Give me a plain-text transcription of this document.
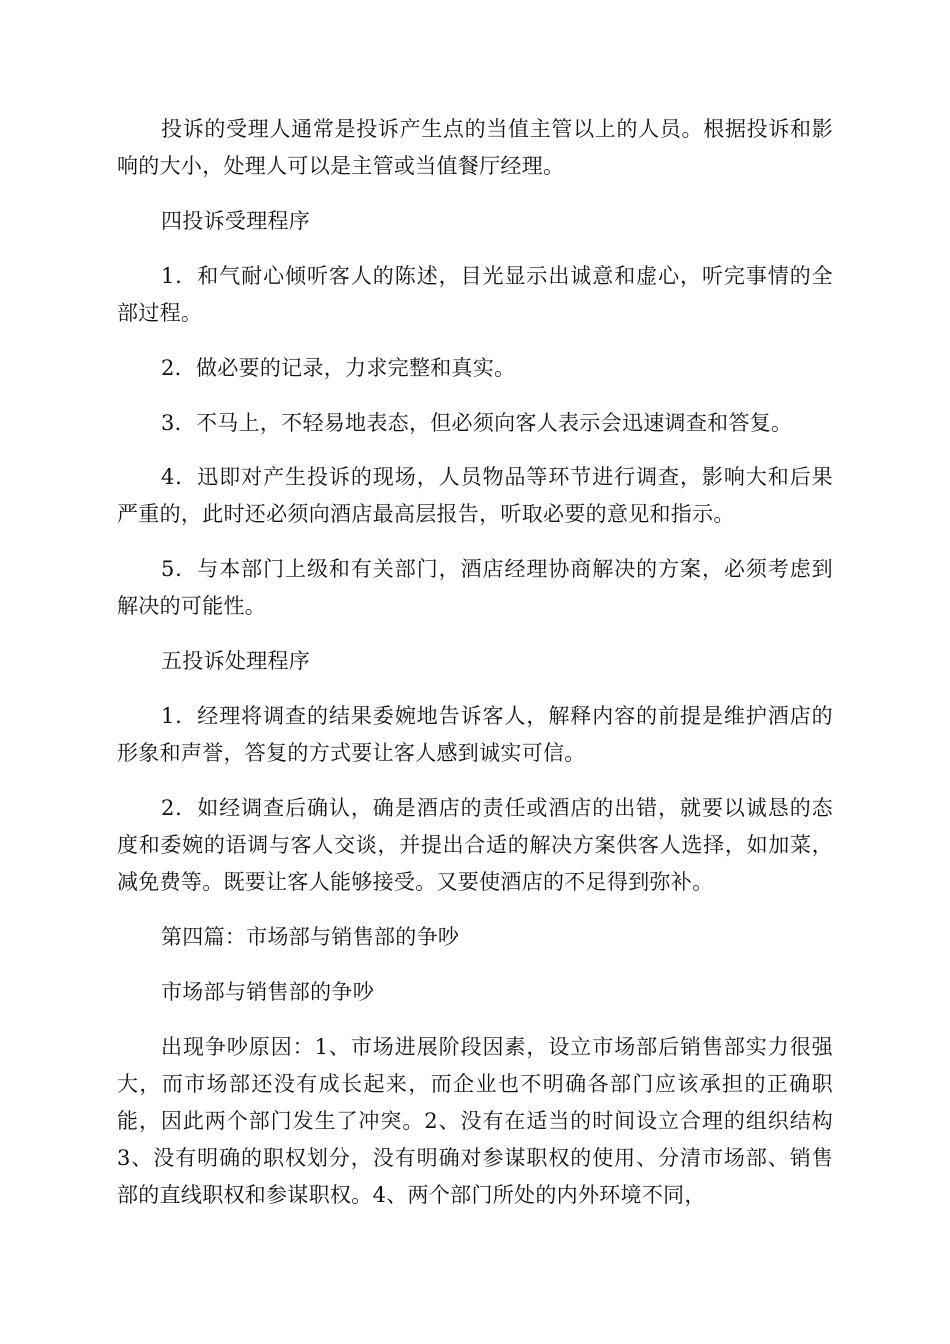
投诉的受理人通常是投诉产生点的当值主管以上的人员。根据投诉和影响的大小，处理人可以是主管或当值餐厅经理。

四投诉受理程序

1．和气耐心倾听客人的陈述，目光显示出诚意和虚心，听完事情的全部过程。

2．做必要的记录，力求完整和真实。

3．不马上，不轻易地表态，但必须向客人表示会迅速调查和答复。

4．迅即对产生投诉的现场，人员物品等环节进行调查，影响大和后果严重的，此时还必须向酒店最高层报告，听取必要的意见和指示。

5．与本部门上级和有关部门，酒店经理协商解决的方案，必须考虑到解决的可能性。

五投诉处理程序

1．经理将调查的结果委婉地告诉客人，解释内容的前提是维护酒店的形象和声誉，答复的方式要让客人感到诚实可信。

2．如经调查后确认，确是酒店的责任或酒店的出错，就要以诚恳的态度和委婉的语调与客人交谈，并提出合适的解决方案供客人选择，如加菜，减免费等。既要让客人能够接受。又要使酒店的不足得到弥补。

第四篇：市场部与销售部的争吵

市场部与销售部的争吵

出现争吵原因：1、市场进展阶段因素，设立市场部后销售部实力很强大，而市场部还没有成长起来，而企业也不明确各部门应该承担的正确职能，因此两个部门发生了冲突。2、没有在适当的时间设立合理的组织结构3、没有明确的职权划分，没有明确对参谋职权的使用、分清市场部、销售部的直线职权和参谋职权。4、两个部门所处的内外环境不同，
